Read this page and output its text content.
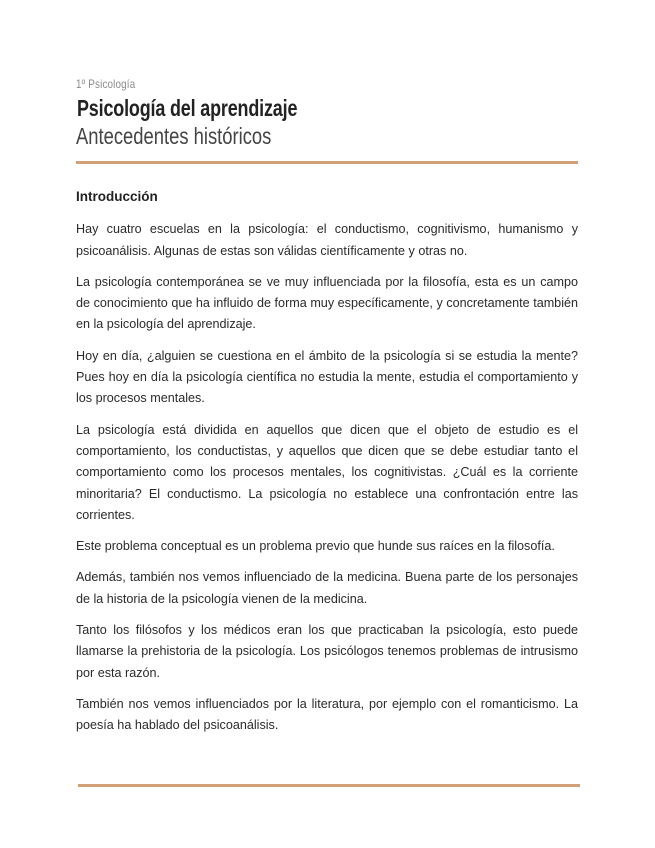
1º Psicología
Psicología del aprendizaje
Antecedentes históricos
Introducción

Hay cuatro escuelas en la psicología: el conductismo, cognitivismo, humanismo y psicoanálisis. Algunas de estas son válidas científicamente y otras no.

La psicología contemporánea se ve muy influenciada por la filosofía, esta es un campo de conocimiento que ha influido de forma muy específicamente, y concretamente también en la psicología del aprendizaje.

Hoy en día, ¿alguien se cuestiona en el ámbito de la psicología si se estudia la mente? Pues hoy en día la psicología científica no estudia la mente, estudia el comportamiento y los procesos mentales.

La psicología está dividida en aquellos que dicen que el objeto de estudio es el comportamiento, los conductistas, y aquellos que dicen que se debe estudiar tanto el comportamiento como los procesos mentales, los cognitivistas. ¿Cuál es la corriente minoritaria? El conductismo. La psicología no establece una confrontación entre las corrientes.

Este problema conceptual es un problema previo que hunde sus raíces en la filosofía.

Además, también nos vemos influenciado de la medicina. Buena parte de los personajes de la historia de la psicología vienen de la medicina.

Tanto los filósofos y los médicos eran los que practicaban la psicología, esto puede llamarse la prehistoria de la psicología. Los psicólogos tenemos problemas de intrusismo por esta razón.

También nos vemos influenciados por la literatura, por ejemplo con el romanticismo. La poesía ha hablado del psicoanálisis.
